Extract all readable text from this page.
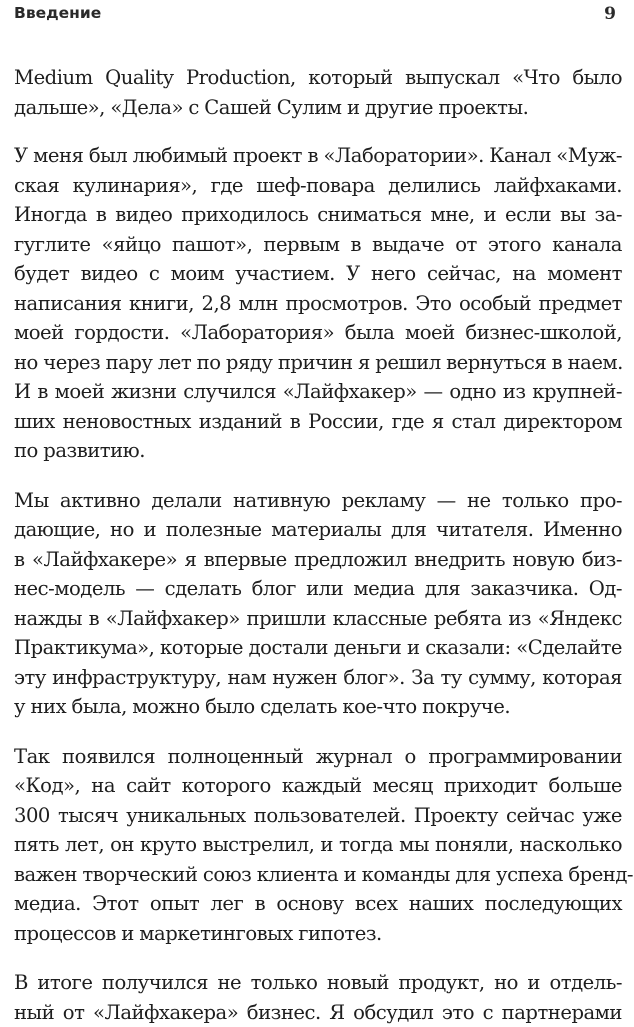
Введение	9

Medium Quality Production, который выпускал «Что было
дальше», «Дела» с Сашей Сулим и другие проекты.

У меня был любимый проект в «Лаборатории». Канал «Муж-
ская кулинария», где шеф-повара делились лайфхаками.
Иногда в видео приходилось сниматься мне, и если вы за-
гуглите «яйцо пашот», первым в выдаче от этого канала
будет видео с моим участием. У него сейчас, на момент
написания книги, 2,8 млн просмотров. Это особый предмет
моей гордости. «Лаборатория» была моей бизнес-школой,
но через пару лет по ряду причин я решил вернуться в наем.
И в моей жизни случился «Лайфхакер» — одно из крупней-
ших неновостных изданий в России, где я стал директором
по развитию.

Мы активно делали нативную рекламу — не только про-
дающие, но и полезные материалы для читателя. Именно
в «Лайфхакере» я впервые предложил внедрить новую биз-
нес-модель — сделать блог или медиа для заказчика. Од-
нажды в «Лайфхакер» пришли классные ребята из «Яндекс
Практикума», которые достали деньги и сказали: «Сделайте
эту инфраструктуру, нам нужен блог». За ту сумму, которая
у них была, можно было сделать кое-что покруче.

Так появился полноценный журнал о программировании
«Код», на сайт которого каждый месяц приходит больше
300 тысяч уникальных пользователей. Проекту сейчас уже
пять лет, он круто выстрелил, и тогда мы поняли, насколько
важен творческий союз клиента и команды для успеха бренд-
медиа. Этот опыт лег в основу всех наших последующих
процессов и маркетинговых гипотез.

В итоге получился не только новый продукт, но и отдель-
ный от «Лайфхакера» бизнес. Я обсудил это с партнерами
